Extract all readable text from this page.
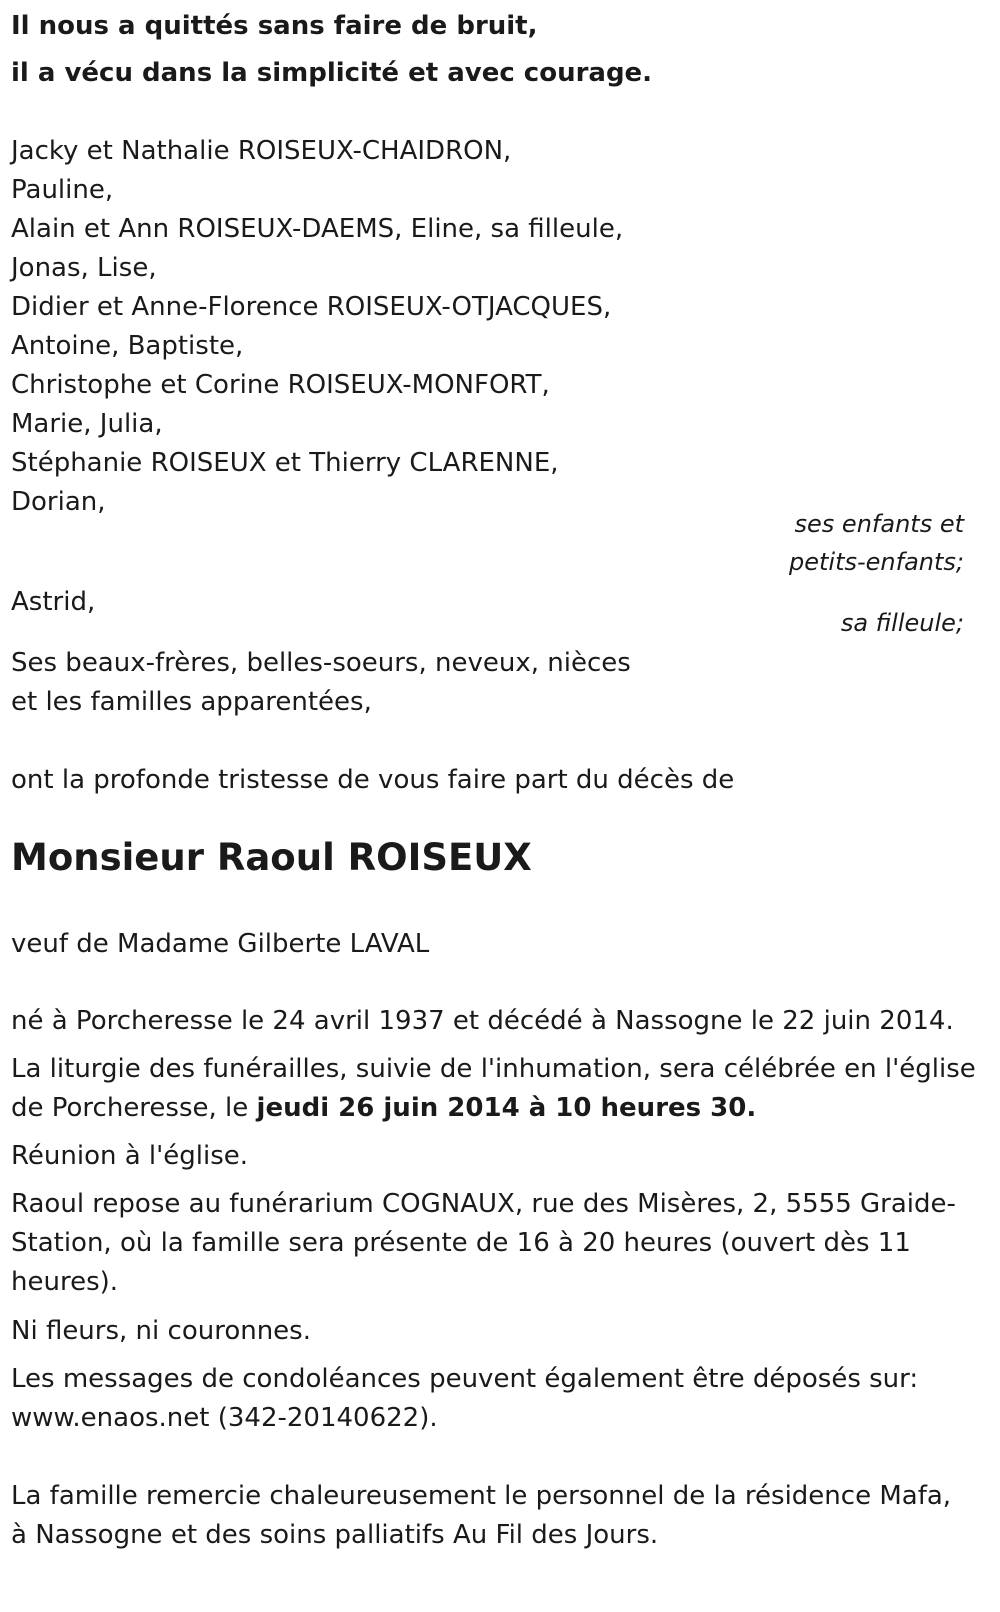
Il nous a quittés sans faire de bruit,
il a vécu dans la simplicité et avec courage.
Jacky et Nathalie ROISEUX-CHAIDRON,
Pauline,
Alain et Ann ROISEUX-DAEMS, Eline, sa filleule,
Jonas, Lise,
Didier et Anne-Florence ROISEUX-OTJACQUES,
Antoine, Baptiste,
Christophe et Corine ROISEUX-MONFORT,
Marie, Julia,
Stéphanie ROISEUX et Thierry CLARENNE,
Dorian,
ses enfants et
petits-enfants;
Astrid,
sa filleule;
Ses beaux-frères, belles-soeurs, neveux, nièces
et les familles apparentées,
ont la profonde tristesse de vous faire part du décès de
Monsieur Raoul ROISEUX
veuf de Madame Gilberte LAVAL
né à Porcheresse le 24 avril 1937 et décédé à Nassogne le 22 juin 2014.
La liturgie des funérailles, suivie de l'inhumation, sera célébrée en l'église
de Porcheresse, le jeudi 26 juin 2014 à 10 heures 30.
Réunion à l'église.
Raoul repose au funérarium COGNAUX, rue des Misères, 2, 5555 Graide-
Station, où la famille sera présente de 16 à 20 heures (ouvert dès 11
heures).
Ni fleurs, ni couronnes.
Les messages de condoléances peuvent également être déposés sur:
www.enaos.net (342-20140622).
La famille remercie chaleureusement le personnel de la résidence Mafa,
à Nassogne et des soins palliatifs Au Fil des Jours.
